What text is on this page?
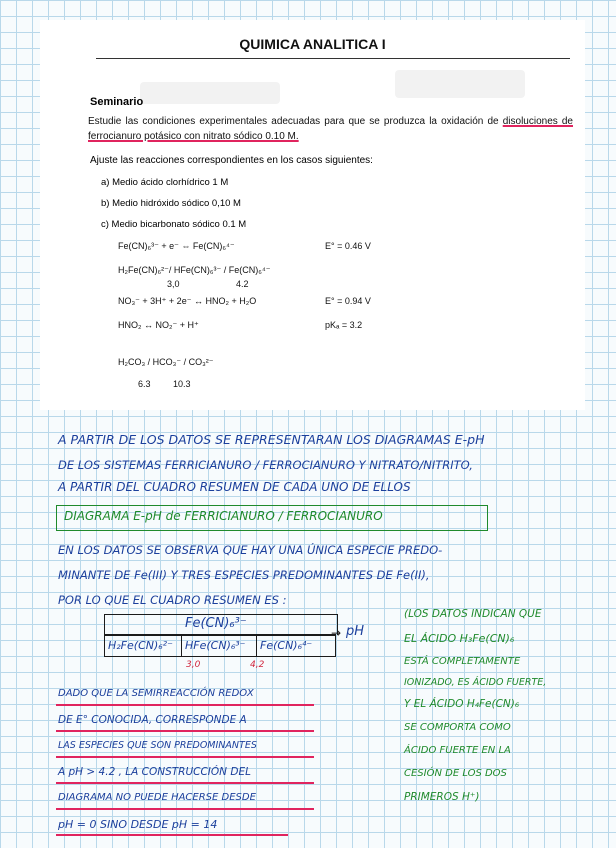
QUIMICA ANALITICA I
Seminario
Estudie las condiciones experimentales adecuadas para que se produzca la oxidación de disoluciones de ferrocianuro potásico con nitrato sódico 0.10 M.
Ajuste las reacciones correspondientes en los casos siguientes:
a) Medio ácido clorhídrico 1 M
b) Medio hidróxido sódico 0,10 M
c) Medio bicarbonato sódico 0.1 M
Fe(CN)₆³⁻ + e⁻ ⇔ Fe(CN)₆⁴⁻	E° = 0.46 V
H₂Fe(CN)₆²⁻/ HFe(CN)₆³⁻ / Fe(CN)₆⁴⁻
3,0	4.2
NO₃⁻ + 3H⁺ + 2e⁻ ↔ HNO₂ + H₂O	E° = 0.94 V
HNO₂ ↔ NO₂⁻ + H⁺	pKₐ = 3.2
H₂CO₃ / HCO₃⁻ / CO₃²⁻
6.3 10.3
A PARTIR DE LOS DATOS SE REPRESENTARAN LOS DIAGRAMAS E-pH
DE LOS SISTEMAS FERRICIANURO / FERROCIANURO Y NITRATO/NITRITO,
A PARTIR DEL CUADRO RESUMEN DE CADA UNO DE ELLOS
DIAGRAMA E-pH de FERRICIANURO / FERROCIANURO
EN LOS DATOS SE OBSERVA QUE HAY UNA ÚNICA ESPECIE PREDO-
MINANTE DE Fe(III) Y TRES ESPECIES PREDOMINANTES DE Fe(II),
POR LO QUE EL CUADRO RESUMEN ES :
Fe(CN)₆³⁻
→ pH
H₂Fe(CN)₆²⁻ HFe(CN)₆³⁻ Fe(CN)₆⁴⁻
3,0	4,2
(LOS DATOS INDICAN QUE
EL ÁCIDO H₃Fe(CN)₆
ESTÁ COMPLETAMENTE
IONIZADO, ES ÁCIDO FUERTE,
Y EL ÁCIDO H₄Fe(CN)₆
SE COMPORTA COMO
ÁCIDO FUERTE EN LA
CESIÓN DE LOS DOS
PRIMEROS H⁺)
DADO QUE LA SEMIRREACCIÓN REDOX
DE E° CONOCIDA, CORRESPONDE A
LAS ESPECIES QUE SON PREDOMINANTES
A pH > 4.2 , LA CONSTRUCCIÓN DEL
DIAGRAMA NO PUEDE HACERSE DESDE
pH = 0 SINO DESDE pH = 14
